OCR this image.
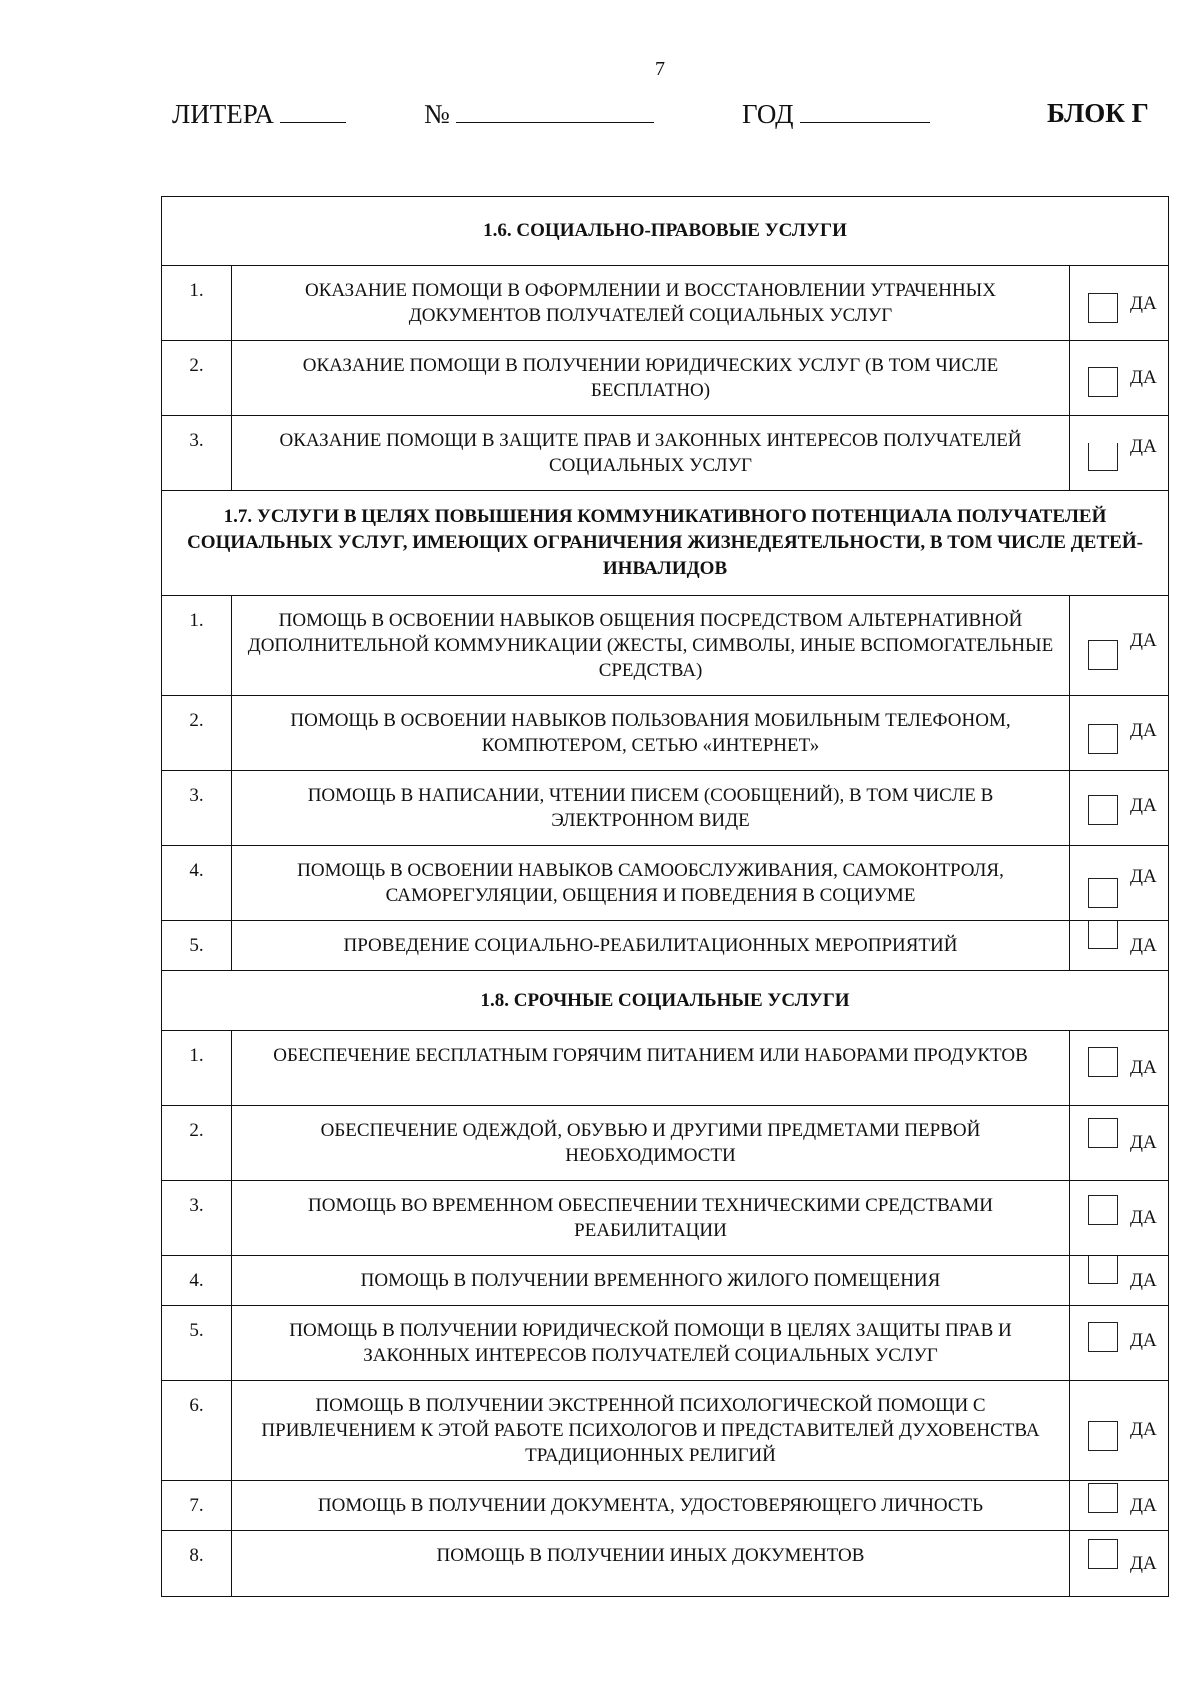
7
ЛИТЕРА	№	ГОД	БЛОК Г
1.6. СОЦИАЛЬНО-ПРАВОВЫЕ УСЛУГИ		
1.	ОКАЗАНИЕ ПОМОЩИ В ОФОРМЛЕНИИ И ВОССТАНОВЛЕНИИ УТРАЧЕННЫХ ДОКУМЕНТОВ ПОЛУЧАТЕЛЕЙ СОЦИАЛЬНЫХ УСЛУГ	ДА

2.	ОКАЗАНИЕ ПОМОЩИ В ПОЛУЧЕНИИ ЮРИДИЧЕСКИХ УСЛУГ (В ТОМ ЧИСЛЕ БЕСПЛАТНО)	ДА

3.	ОКАЗАНИЕ ПОМОЩИ В ЗАЩИТЕ ПРАВ И ЗАКОННЫХ ИНТЕРЕСОВ ПОЛУЧАТЕЛЕЙ СОЦИАЛЬНЫХ УСЛУГ	ДА

1.7. УСЛУГИ В ЦЕЛЯХ ПОВЫШЕНИЯ КОММУНИКАТИВНОГО ПОТЕНЦИАЛА ПОЛУЧАТЕЛЕЙ СОЦИАЛЬНЫХ УСЛУГ, ИМЕЮЩИХ ОГРАНИЧЕНИЯ ЖИЗНЕДЕЯТЕЛЬНОСТИ, В ТОМ ЧИСЛЕ ДЕТЕЙ-ИНВАЛИДОВ		
1.	ПОМОЩЬ В ОСВОЕНИИ НАВЫКОВ ОБЩЕНИЯ ПОСРЕДСТВОМ АЛЬТЕРНАТИВНОЙ ДОПОЛНИТЕЛЬНОЙ КОММУНИКАЦИИ (ЖЕСТЫ, СИМВОЛЫ, ИНЫЕ ВСПОМОГАТЕЛЬНЫЕ СРЕДСТВА)	ДА

2.	ПОМОЩЬ В ОСВОЕНИИ НАВЫКОВ ПОЛЬЗОВАНИЯ МОБИЛЬНЫМ ТЕЛЕФОНОМ, КОМПЮТЕРОМ, СЕТЬЮ «ИНТЕРНЕТ»	ДА

3.	ПОМОЩЬ В НАПИСАНИИ, ЧТЕНИИ ПИСЕМ (СООБЩЕНИЙ), В ТОМ ЧИСЛЕ В ЭЛЕКТРОННОМ ВИДЕ	ДА

4.	ПОМОЩЬ В ОСВОЕНИИ НАВЫКОВ САМООБСЛУЖИВАНИЯ, САМОКОНТРОЛЯ, САМОРЕГУЛЯЦИИ, ОБЩЕНИЯ И ПОВЕДЕНИЯ В СОЦИУМЕ	ДА

5.	ПРОВЕДЕНИЕ СОЦИАЛЬНО-РЕАБИЛИТАЦИОННЫХ МЕРОПРИЯТИЙ	ДА

1.8. СРОЧНЫЕ СОЦИАЛЬНЫЕ УСЛУГИ		
1.	ОБЕСПЕЧЕНИЕ БЕСПЛАТНЫМ ГОРЯЧИМ ПИТАНИЕМ ИЛИ НАБОРАМИ ПРОДУКТОВ	ДА

2.	ОБЕСПЕЧЕНИЕ ОДЕЖДОЙ, ОБУВЬЮ И ДРУГИМИ ПРЕДМЕТАМИ ПЕРВОЙ НЕОБХОДИМОСТИ	ДА

3.	ПОМОЩЬ ВО ВРЕМЕННОМ ОБЕСПЕЧЕНИИ ТЕХНИЧЕСКИМИ СРЕДСТВАМИ РЕАБИЛИТАЦИИ	ДА

4.	ПОМОЩЬ В ПОЛУЧЕНИИ ВРЕМЕННОГО ЖИЛОГО ПОМЕЩЕНИЯ	ДА

5.	ПОМОЩЬ В ПОЛУЧЕНИИ ЮРИДИЧЕСКОЙ ПОМОЩИ В ЦЕЛЯХ ЗАЩИТЫ ПРАВ И ЗАКОННЫХ ИНТЕРЕСОВ ПОЛУЧАТЕЛЕЙ СОЦИАЛЬНЫХ УСЛУГ	ДА

6.	ПОМОЩЬ В ПОЛУЧЕНИИ ЭКСТРЕННОЙ ПСИХОЛОГИЧЕСКОЙ ПОМОЩИ С ПРИВЛЕЧЕНИЕМ К ЭТОЙ РАБОТЕ ПСИХОЛОГОВ И ПРЕДСТАВИТЕЛЕЙ ДУХОВЕНСТВА ТРАДИЦИОННЫХ РЕЛИГИЙ	ДА

7.	ПОМОЩЬ В ПОЛУЧЕНИИ ДОКУМЕНТА, УДОСТОВЕРЯЮЩЕГО ЛИЧНОСТЬ	ДА

8.	ПОМОЩЬ В ПОЛУЧЕНИИ ИНЫХ ДОКУМЕНТОВ	ДА
